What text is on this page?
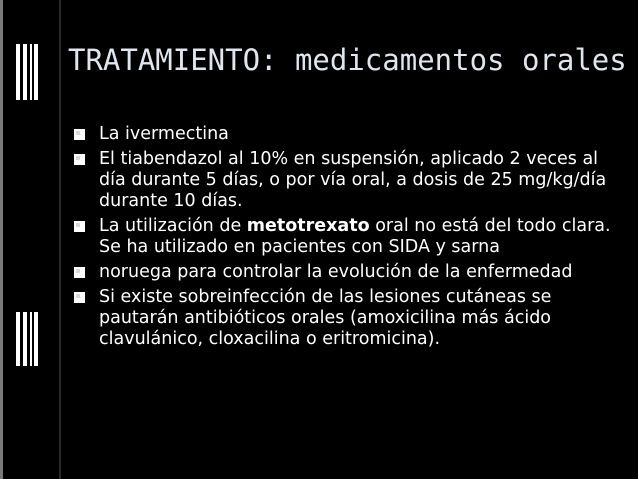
TRATAMIENTO: medicamentos orales
La ivermectina
El tiabendazol al 10% en suspensión, aplicado 2 veces al día durante 5 días, o por vía oral, a dosis de 25 mg/kg/día durante 10 días.
La utilización de metotrexato oral no está del todo clara. Se ha utilizado en pacientes con SIDA y sarna
noruega para controlar la evolución de la enfermedad
Si existe sobreinfección de las lesiones cutáneas se pautarán antibióticos orales (amoxicilina más ácido clavulánico, cloxacilina o eritromicina).
